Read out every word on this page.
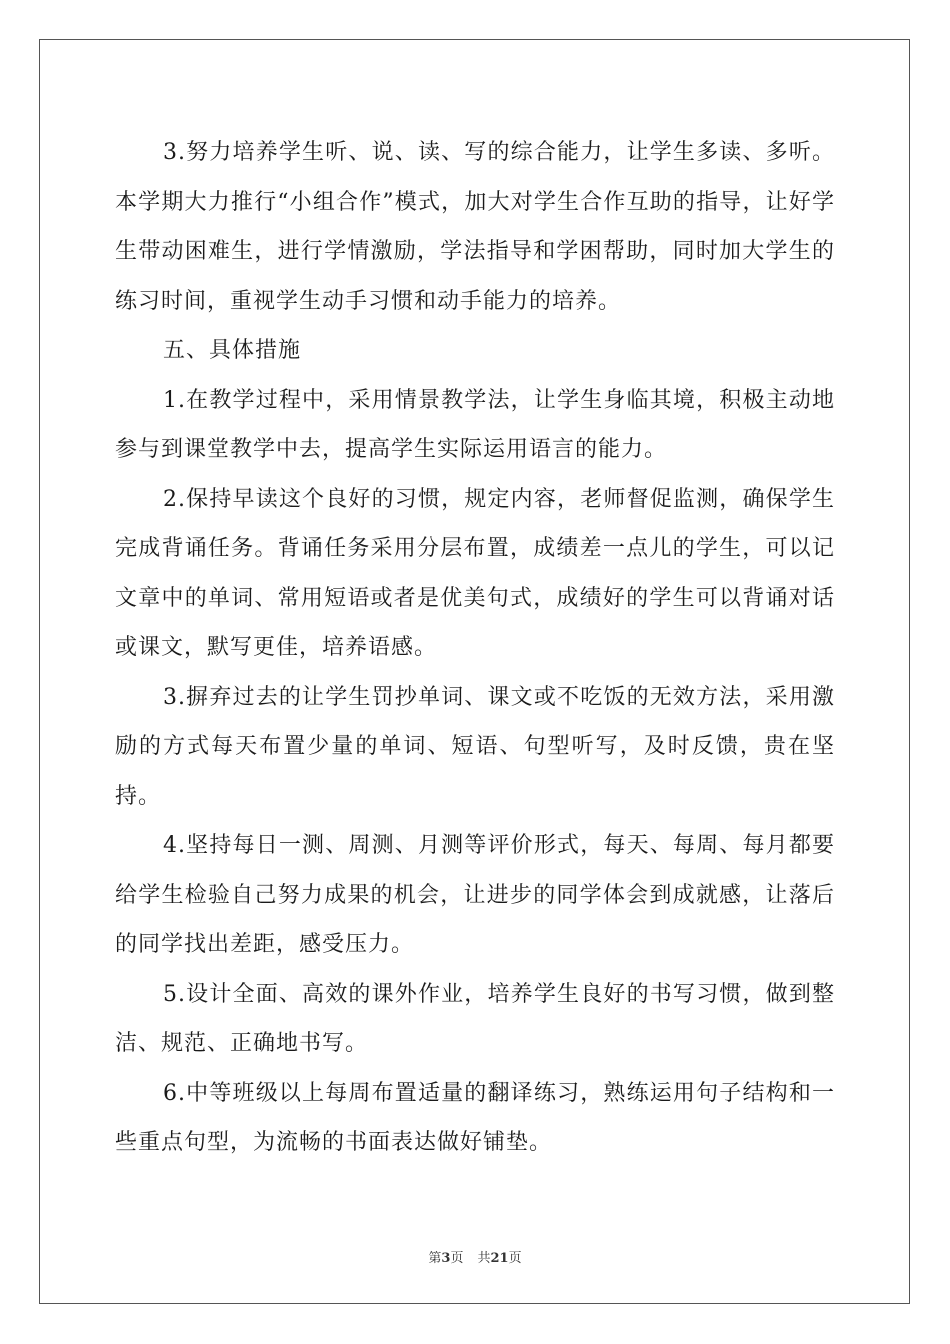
3.努力培养学生听、说、读、写的综合能力，让学生多读、多听。本学期大力推行“小组合作”模式，加大对学生合作互助的指导，让好学生带动困难生，进行学情激励，学法指导和学困帮助，同时加大学生的练习时间，重视学生动手习惯和动手能力的培养。

五、具体措施

1.在教学过程中，采用情景教学法，让学生身临其境，积极主动地参与到课堂教学中去，提高学生实际运用语言的能力。

2.保持早读这个良好的习惯，规定内容，老师督促监测，确保学生完成背诵任务。背诵任务采用分层布置，成绩差一点儿的学生，可以记文章中的单词、常用短语或者是优美句式，成绩好的学生可以背诵对话或课文，默写更佳，培养语感。

3.摒弃过去的让学生罚抄单词、课文或不吃饭的无效方法，采用激励的方式每天布置少量的单词、短语、句型听写，及时反馈，贵在坚持。

4.坚持每日一测、周测、月测等评价形式，每天、每周、每月都要给学生检验自己努力成果的机会，让进步的同学体会到成就感，让落后的同学找出差距，感受压力。

5.设计全面、高效的课外作业，培养学生良好的书写习惯，做到整洁、规范、正确地书写。

6.中等班级以上每周布置适量的翻译练习，熟练运用句子结构和一些重点句型，为流畅的书面表达做好铺垫。

第3页 共21页
